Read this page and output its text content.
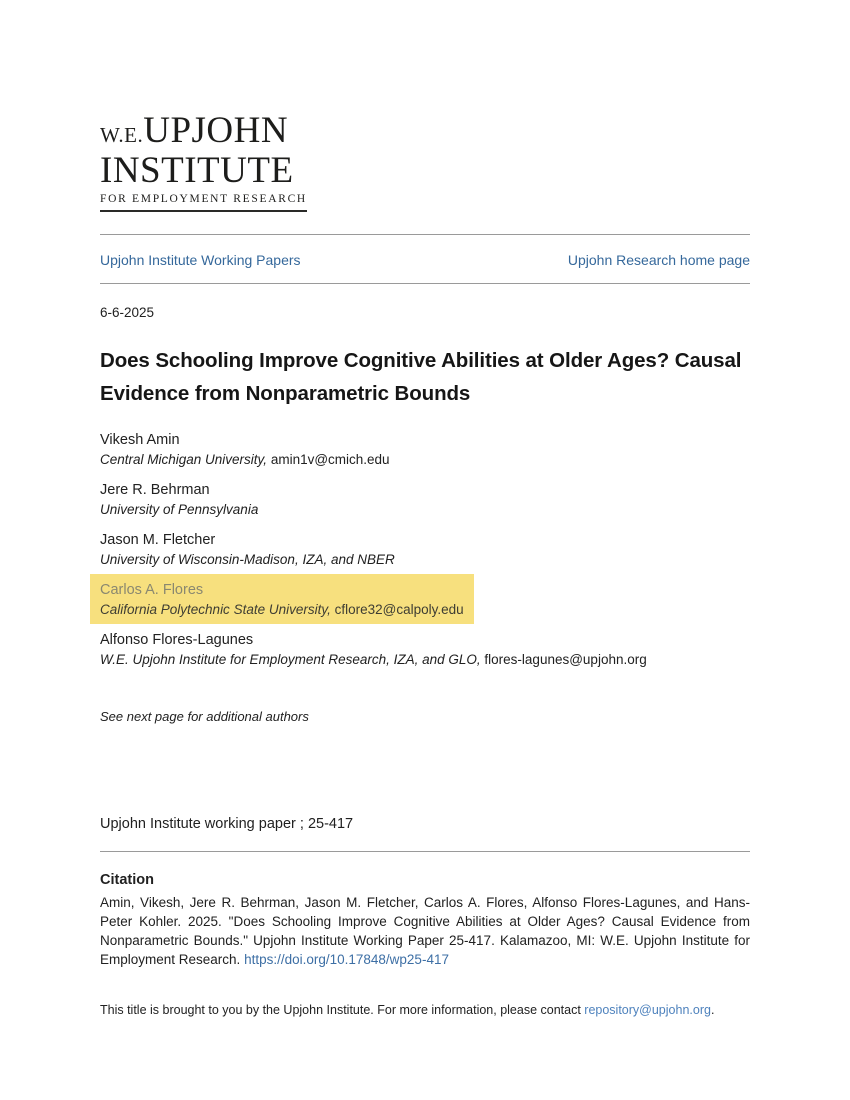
W.E.UPJOHN
INSTITUTE
FOR EMPLOYMENT RESEARCH
Upjohn Institute Working Papers	Upjohn Research home page
6-6-2025
Does Schooling Improve Cognitive Abilities at Older Ages? Causal
Evidence from Nonparametric Bounds
Vikesh Amin
Central Michigan University, amin1v@cmich.edu
Jere R. Behrman
University of Pennsylvania
Jason M. Fletcher
University of Wisconsin-Madison, IZA, and NBER
Carlos A. Flores
California Polytechnic State University, cflore32@calpoly.edu
Alfonso Flores-Lagunes
W.E. Upjohn Institute for Employment Research, IZA, and GLO, flores-lagunes@upjohn.org
See next page for additional authors
Upjohn Institute working paper ; 25-417
Citation
Amin, Vikesh, Jere R. Behrman, Jason M. Fletcher, Carlos A. Flores, Alfonso Flores-Lagunes, and Hans-Peter Kohler. 2025. "Does Schooling Improve Cognitive Abilities at Older Ages? Causal Evidence from Nonparametric Bounds." Upjohn Institute Working Paper 25-417. Kalamazoo, MI: W.E. Upjohn Institute for Employment Research. https://doi.org/10.17848/wp25-417
This title is brought to you by the Upjohn Institute. For more information, please contact repository@upjohn.org.
